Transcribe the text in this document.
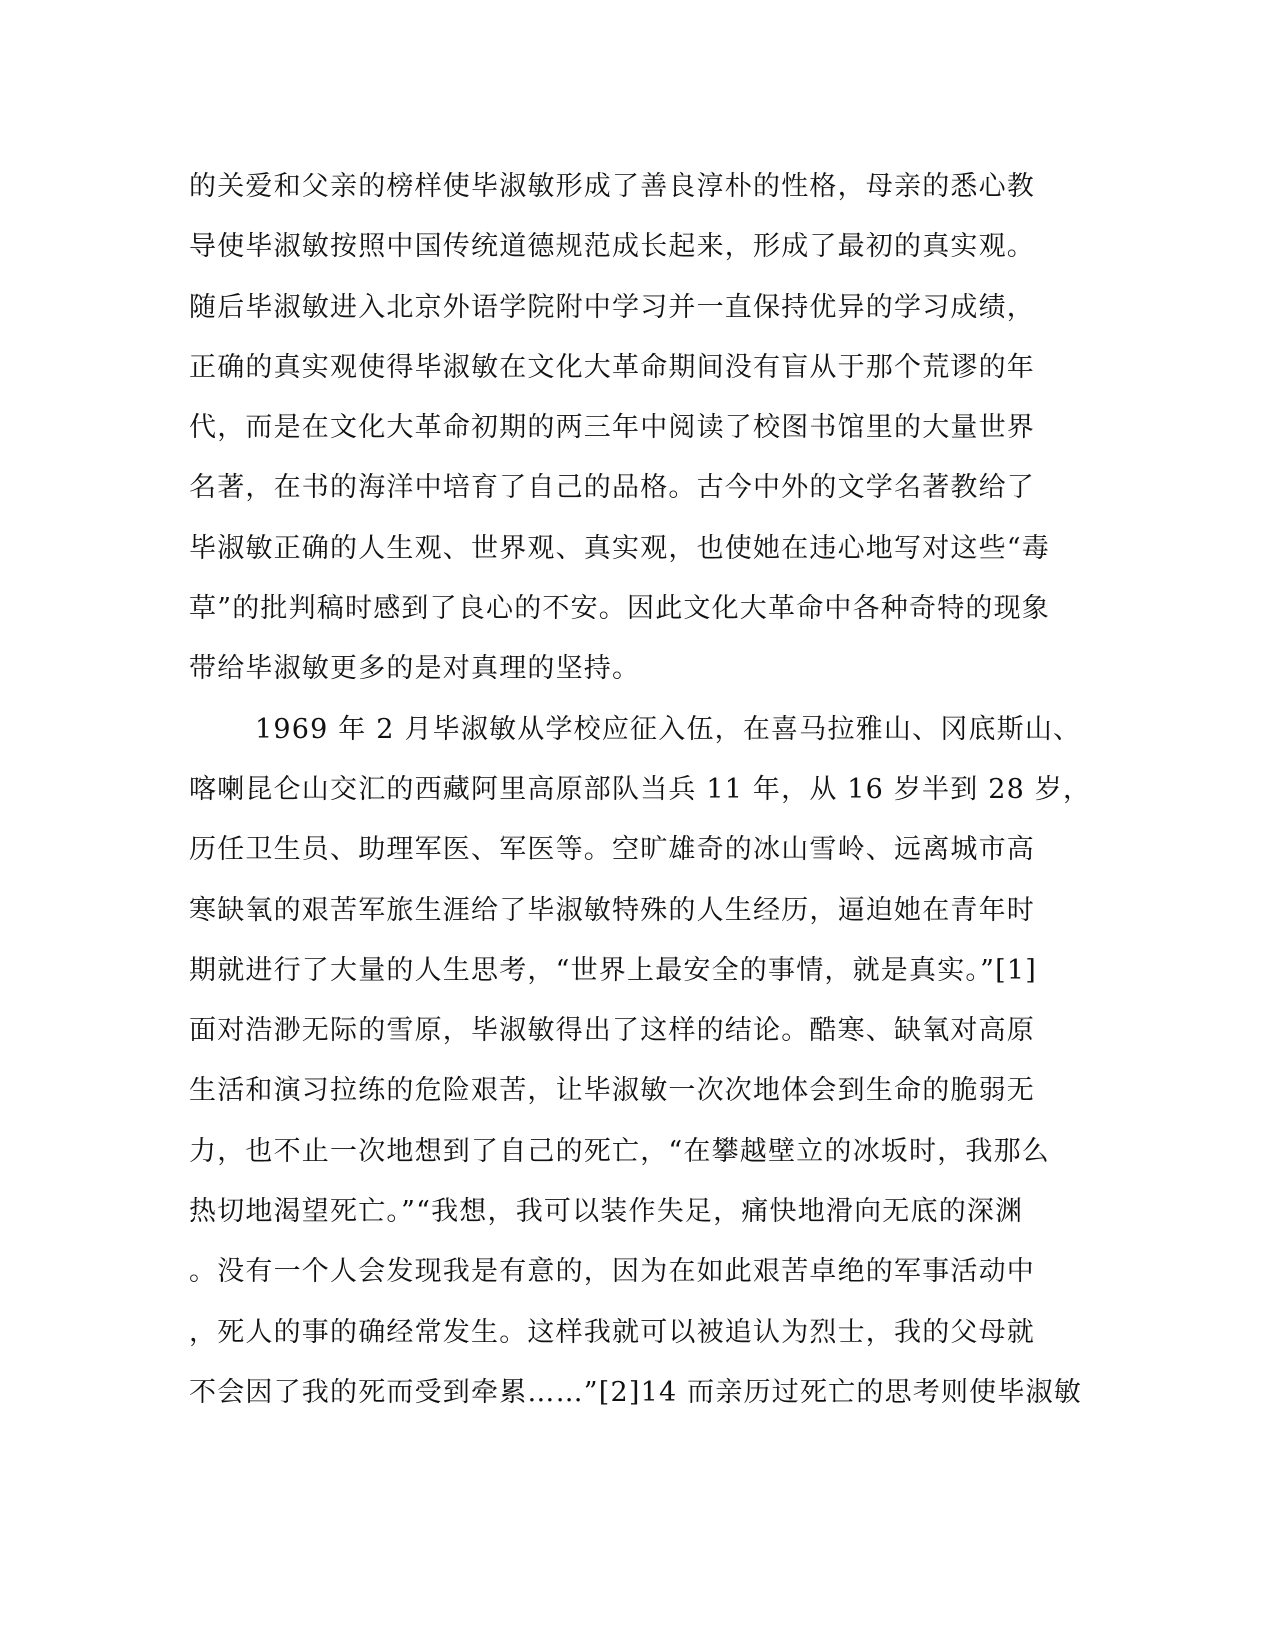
的关爱和父亲的榜样使毕淑敏形成了善良淳朴的性格，母亲的悉心教
导使毕淑敏按照中国传统道德规范成长起来，形成了最初的真实观。
随后毕淑敏进入北京外语学院附中学习并一直保持优异的学习成绩，
正确的真实观使得毕淑敏在文化大革命期间没有盲从于那个荒谬的年
代，而是在文化大革命初期的两三年中阅读了校图书馆里的大量世界
名著，在书的海洋中培育了自己的品格。古今中外的文学名著教给了
毕淑敏正确的人生观、世界观、真实观，也使她在违心地写对这些“毒
草”的批判稿时感到了良心的不安。因此文化大革命中各种奇特的现象
带给毕淑敏更多的是对真理的坚持。
1969 年 2 月毕淑敏从学校应征入伍，在喜马拉雅山、冈底斯山、
喀喇昆仑山交汇的西藏阿里高原部队当兵 11 年，从 16 岁半到 28 岁，
历任卫生员、助理军医、军医等。空旷雄奇的冰山雪岭、远离城市高
寒缺氧的艰苦军旅生涯给了毕淑敏特殊的人生经历，逼迫她在青年时
期就进行了大量的人生思考，“世界上最安全的事情，就是真实。”[1]
面对浩渺无际的雪原，毕淑敏得出了这样的结论。酷寒、缺氧对高原
生活和演习拉练的危险艰苦，让毕淑敏一次次地体会到生命的脆弱无
力，也不止一次地想到了自己的死亡，“在攀越壁立的冰坂时，我那么
热切地渴望死亡。”“我想，我可以装作失足，痛快地滑向无底的深渊
。没有一个人会发现我是有意的，因为在如此艰苦卓绝的军事活动中
，死人的事的确经常发生。这样我就可以被追认为烈士，我的父母就
不会因了我的死而受到牵累……”[2]14 而亲历过死亡的思考则使毕淑敏
